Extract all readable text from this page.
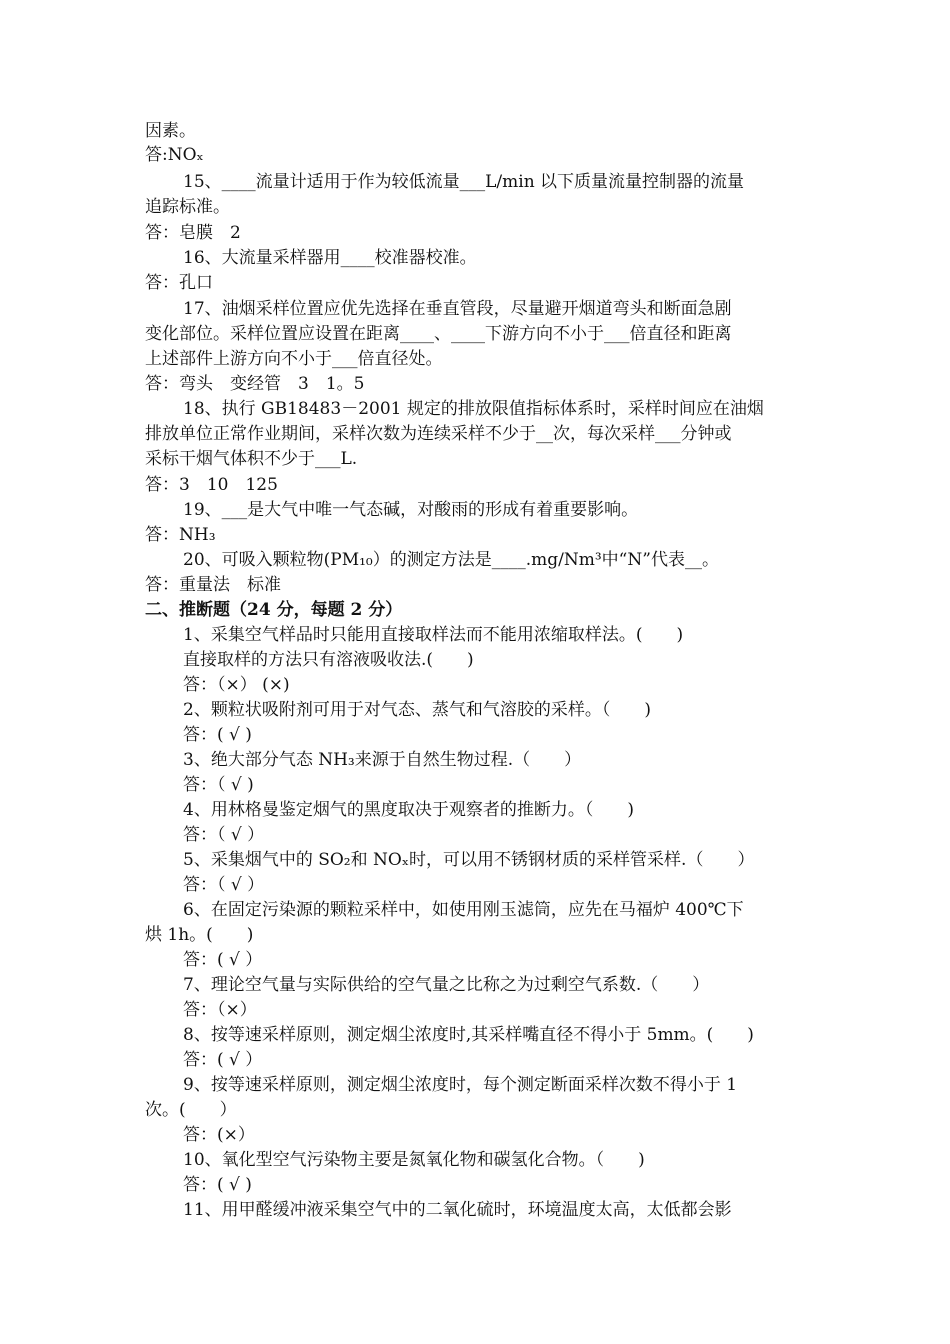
因素。
答:NOₓ
15、____流量计适用于作为较低流量___L/min 以下质量流量控制器的流量
追踪标准。
答：皂膜　2
16、大流量采样器用____校准器校准。
答：孔口
17、油烟采样位置应优先选择在垂直管段，尽量避开烟道弯头和断面急剧
变化部位。采样位置应设置在距离____、____下游方向不小于___倍直径和距离
上述部件上游方向不小于___倍直径处。
答：弯头　变经管　3　1。5
18、执行 GB18483－2001 规定的排放限值指标体系时，采样时间应在油烟
排放单位正常作业期间，采样次数为连续采样不少于__次，每次采样___分钟或
采标干烟气体积不少于___L.
答：3　10　125
19、___是大气中唯一气态碱，对酸雨的形成有着重要影响。
答：NH₃
20、可吸入颗粒物(PM₁₀）的测定方法是____.mg/Nm³中“N”代表__。
答：重量法　标准
二、推断题（24 分，每题 2 分）
1、采集空气样品时只能用直接取样法而不能用浓缩取样法。(　　)
直接取样的方法只有溶液吸收法.(　　)
答：（×） (×)
2、颗粒状吸附剂可用于对气态、蒸气和气溶胶的采样。（　　)
答：( √ )
3、绝大部分气态 NH₃来源于自然生物过程.（　　）
答：（ √ )
4、用林格曼鉴定烟气的黑度取决于观察者的推断力。（　　)
答：（ √ ）
5、采集烟气中的 SO₂和 NOₓ时，可以用不锈钢材质的采样管采样.（　　）
答：（ √ ）
6、在固定污染源的颗粒采样中，如使用刚玉滤筒，应先在马福炉 400℃下
烘 1h。(　　)
答：( √ ）
7、理论空气量与实际供给的空气量之比称之为过剩空气系数.（　　）
答：（×）
8、按等速采样原则，测定烟尘浓度时,其采样嘴直径不得小于 5mm。(　　)
答：( √ ）
9、按等速采样原则，测定烟尘浓度时，每个测定断面采样次数不得小于 1
次。(　　）
答：(×）
10、氧化型空气污染物主要是氮氧化物和碳氢化合物。（　　)
答：( √ )
11、用甲醛缓冲液采集空气中的二氧化硫时，环境温度太高，太低都会影
